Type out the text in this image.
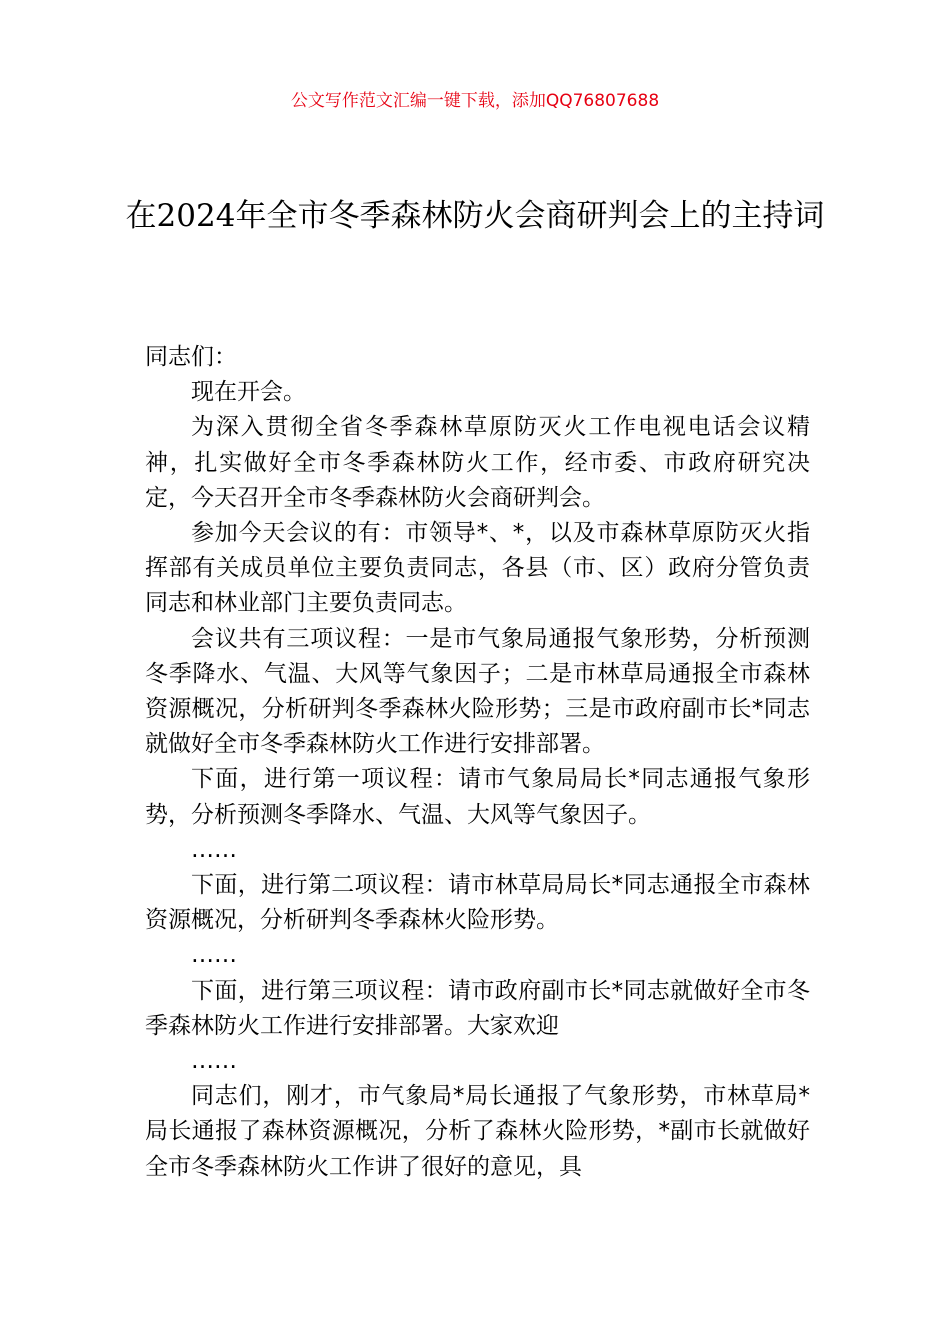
公文写作范文汇编一键下载，添加QQ76807688
在2024年全市冬季森林防火会商研判会上的主持词

同志们：

现在开会。

为深入贯彻全省冬季森林草原防灭火工作电视电话会议精神，扎实做好全市冬季森林防火工作，经市委、市政府研究决定，今天召开全市冬季森林防火会商研判会。

参加今天会议的有：市领导*、*，以及市森林草原防灭火指挥部有关成员单位主要负责同志，各县（市、区）政府分管负责同志和林业部门主要负责同志。

会议共有三项议程：一是市气象局通报气象形势，分析预测冬季降水、气温、大风等气象因子；二是市林草局通报全市森林资源概况，分析研判冬季森林火险形势；三是市政府副市长*同志就做好全市冬季森林防火工作进行安排部署。

下面，进行第一项议程：请市气象局局长*同志通报气象形势，分析预测冬季降水、气温、大风等气象因子。

……

下面，进行第二项议程：请市林草局局长*同志通报全市森林资源概况，分析研判冬季森林火险形势。

……

下面，进行第三项议程：请市政府副市长*同志就做好全市冬季森林防火工作进行安排部署。大家欢迎

……

同志们，刚才，市气象局*局长通报了气象形势，市林草局*局长通报了森林资源概况，分析了森林火险形势，*副市长就做好全市冬季森林防火工作讲了很好的意见，具
